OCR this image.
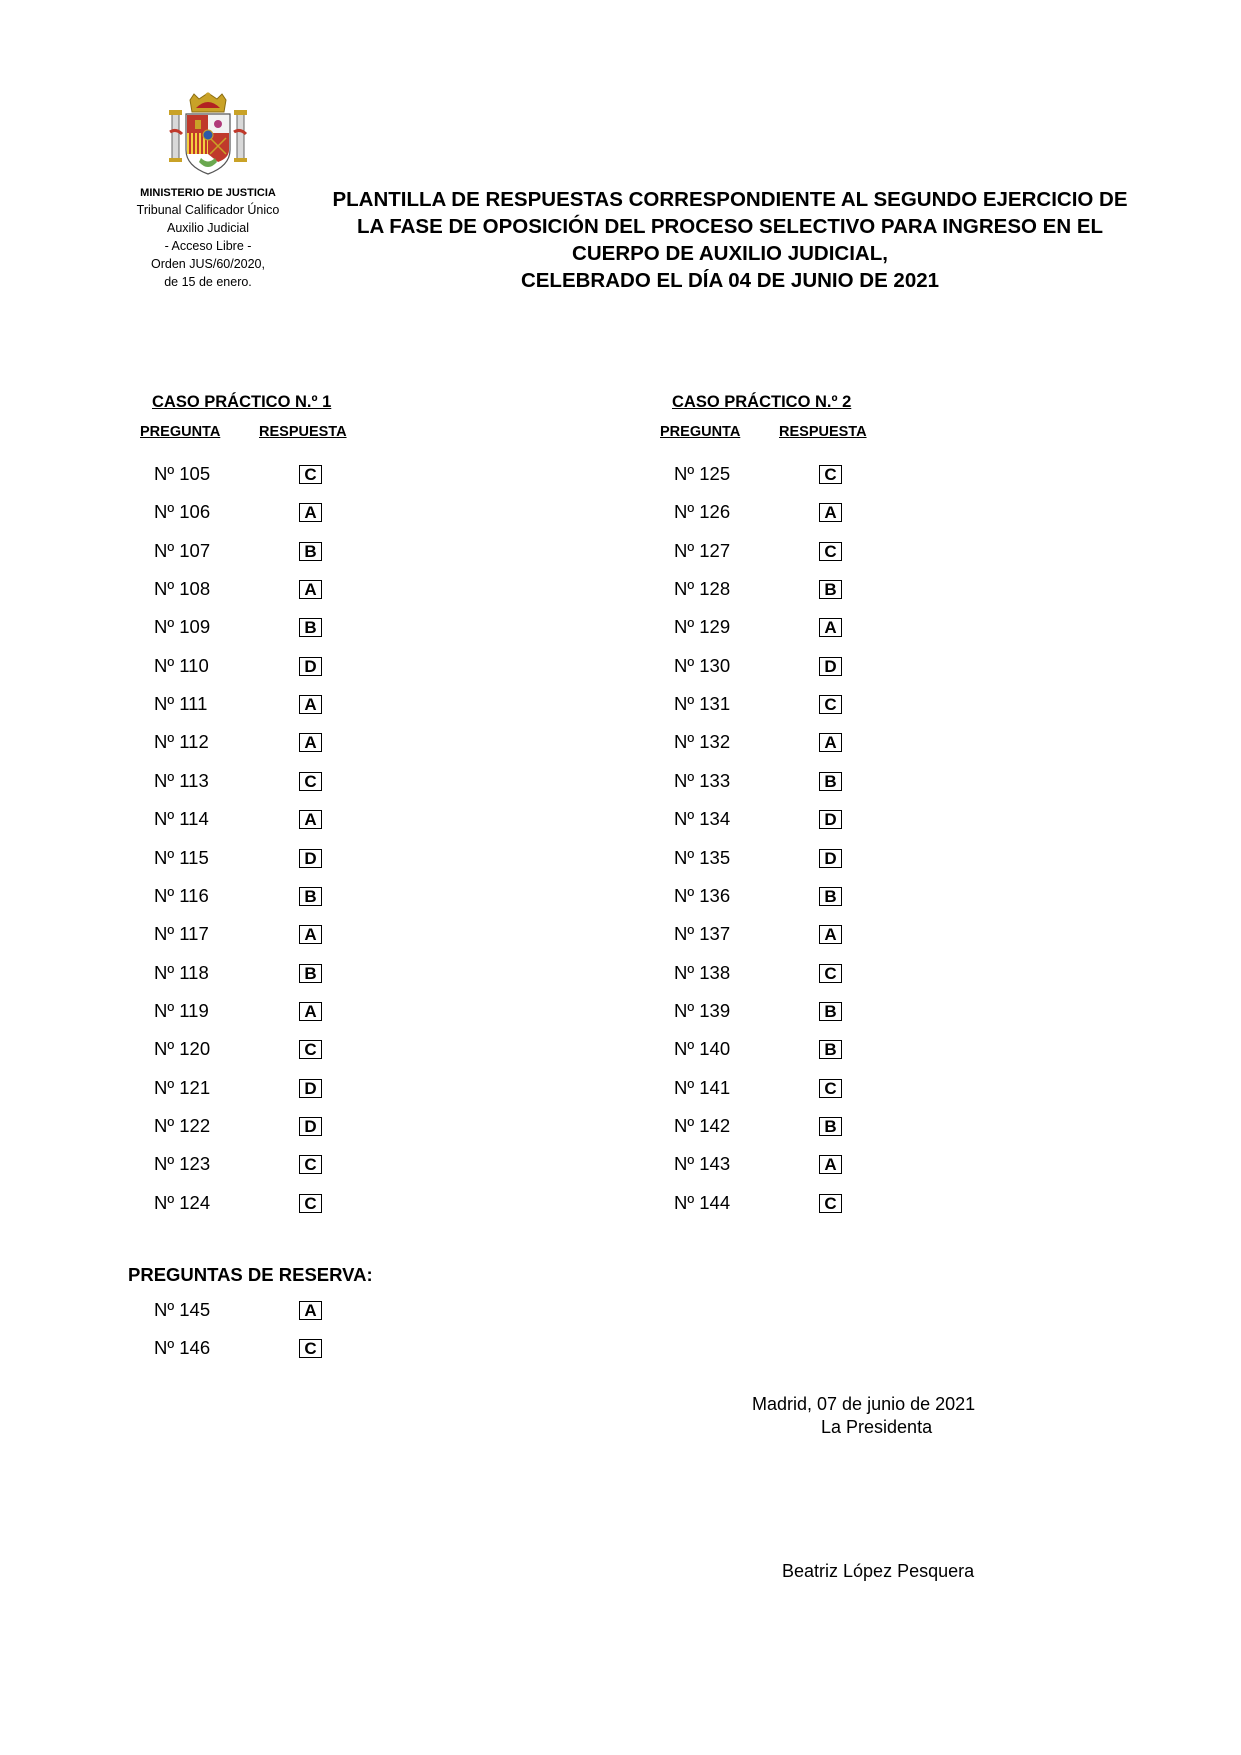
MINISTERIO DE JUSTICIA
Tribunal Calificador Único
Auxilio Judicial
- Acceso Libre -
Orden JUS/60/2020,
de 15 de enero.
PLANTILLA DE RESPUESTAS CORRESPONDIENTE AL SEGUNDO EJERCICIO DE
LA FASE DE OPOSICIÓN DEL PROCESO SELECTIVO PARA INGRESO EN EL
CUERPO DE AUXILIO JUDICIAL,
CELEBRADO EL DÍA 04 DE JUNIO DE 2021
CASO PRÁCTICO N.º 1
PREGUNTA	RESPUESTA
Nº 105	C
Nº 106	A
Nº 107	B
Nº 108	A
Nº 109	B
Nº 110	D
Nº 111	A
Nº 112	A
Nº 113	C
Nº 114	A
Nº 115	D
Nº 116	B
Nº 117	A
Nº 118	B
Nº 119	A
Nº 120	C
Nº 121	D
Nº 122	D
Nº 123	C
Nº 124	C
CASO PRÁCTICO N.º 2
PREGUNTA	RESPUESTA
Nº 125	C
Nº 126	A
Nº 127	C
Nº 128	B
Nº 129	A
Nº 130	D
Nº 131	C
Nº 132	A
Nº 133	B
Nº 134	D
Nº 135	D
Nº 136	B
Nº 137	A
Nº 138	C
Nº 139	B
Nº 140	B
Nº 141	C
Nº 142	B
Nº 143	A
Nº 144	C
PREGUNTAS DE RESERVA:
Nº 145	A
Nº 146	C
Madrid, 07 de junio de 2021
La Presidenta
Beatriz López Pesquera
